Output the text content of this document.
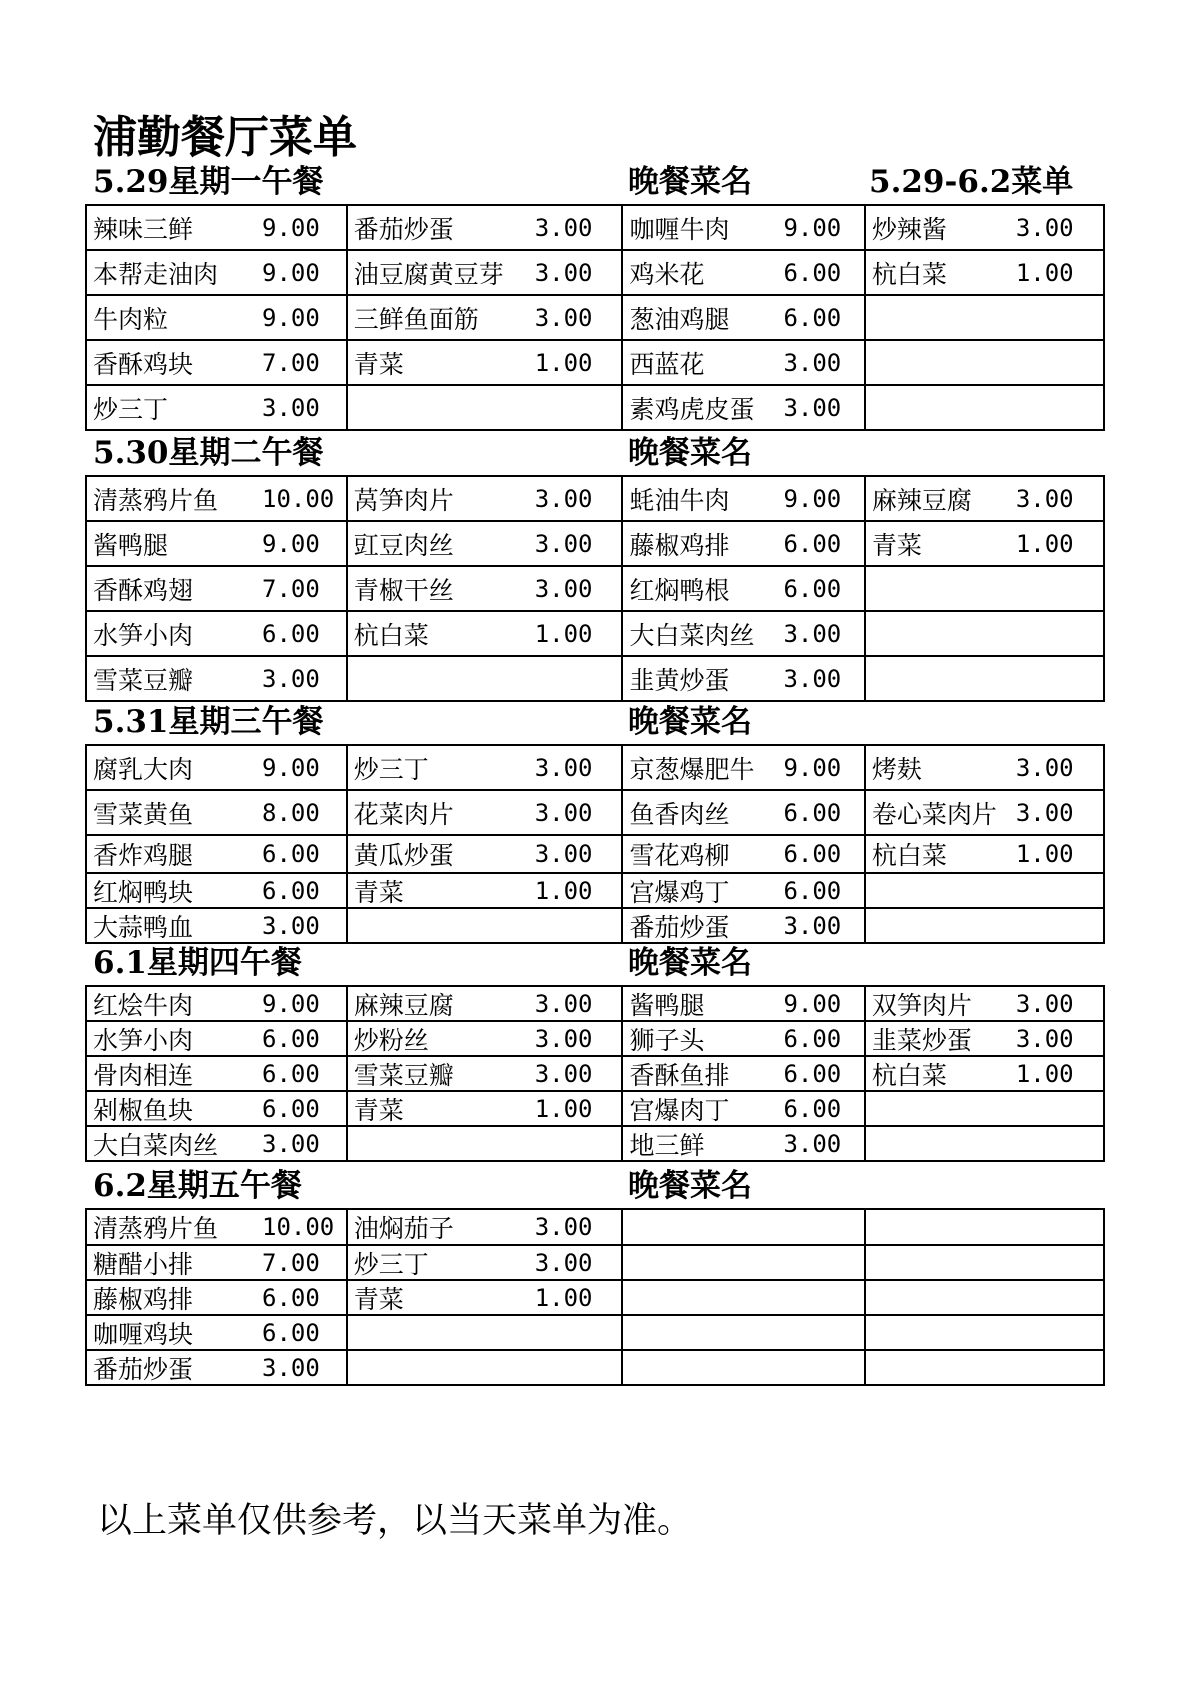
浦勤餐厅菜单
5.29星期一午餐	晚餐菜名	5.29-6.2菜单
辣味三鲜 9.00	番茄炒蛋 3.00	咖喱牛肉 9.00	炒辣酱 3.00

本帮走油肉 9.00	油豆腐黄豆芽 3.00	鸡米花 6.00	杭白菜 1.00

牛肉粒 9.00	三鲜鱼面筋 3.00	葱油鸡腿 6.00	

香酥鸡块 7.00	青菜 1.00	西蓝花 3.00	

炒三丁 3.00		素鸡虎皮蛋 3.00	

5.30星期二午餐	晚餐菜名
清蒸鸦片鱼 10.00	莴笋肉片 3.00	蚝油牛肉 9.00	麻辣豆腐 3.00

酱鸭腿 9.00	豇豆肉丝 3.00	藤椒鸡排 6.00	青菜 1.00

香酥鸡翅 7.00	青椒干丝 3.00	红焖鸭根 6.00	

水笋小肉 6.00	杭白菜 1.00	大白菜肉丝 3.00	

雪菜豆瓣 3.00		韭黄炒蛋 3.00	

5.31星期三午餐	晚餐菜名
腐乳大肉 9.00	炒三丁 3.00	京葱爆肥牛 9.00	烤麸 3.00

雪菜黄鱼 8.00	花菜肉片 3.00	鱼香肉丝 6.00	卷心菜肉片 3.00

香炸鸡腿 6.00	黄瓜炒蛋 3.00	雪花鸡柳 6.00	杭白菜 1.00

红焖鸭块 6.00	青菜 1.00	宫爆鸡丁 6.00	

大蒜鸭血 3.00		番茄炒蛋 3.00	

6.1星期四午餐	晚餐菜名
红烩牛肉 9.00	麻辣豆腐 3.00	酱鸭腿 9.00	双笋肉片 3.00

水笋小肉 6.00	炒粉丝 3.00	狮子头 6.00	韭菜炒蛋 3.00

骨肉相连 6.00	雪菜豆瓣 3.00	香酥鱼排 6.00	杭白菜 1.00

剁椒鱼块 6.00	青菜 1.00	宫爆肉丁 6.00	

大白菜肉丝 3.00		地三鲜 3.00	

6.2星期五午餐	晚餐菜名
清蒸鸦片鱼 10.00	油焖茄子 3.00		

糖醋小排 7.00	炒三丁 3.00		

藤椒鸡排 6.00	青菜 1.00		

咖喱鸡块 6.00			

番茄炒蛋 3.00			

以上菜单仅供参考，以当天菜单为准。
